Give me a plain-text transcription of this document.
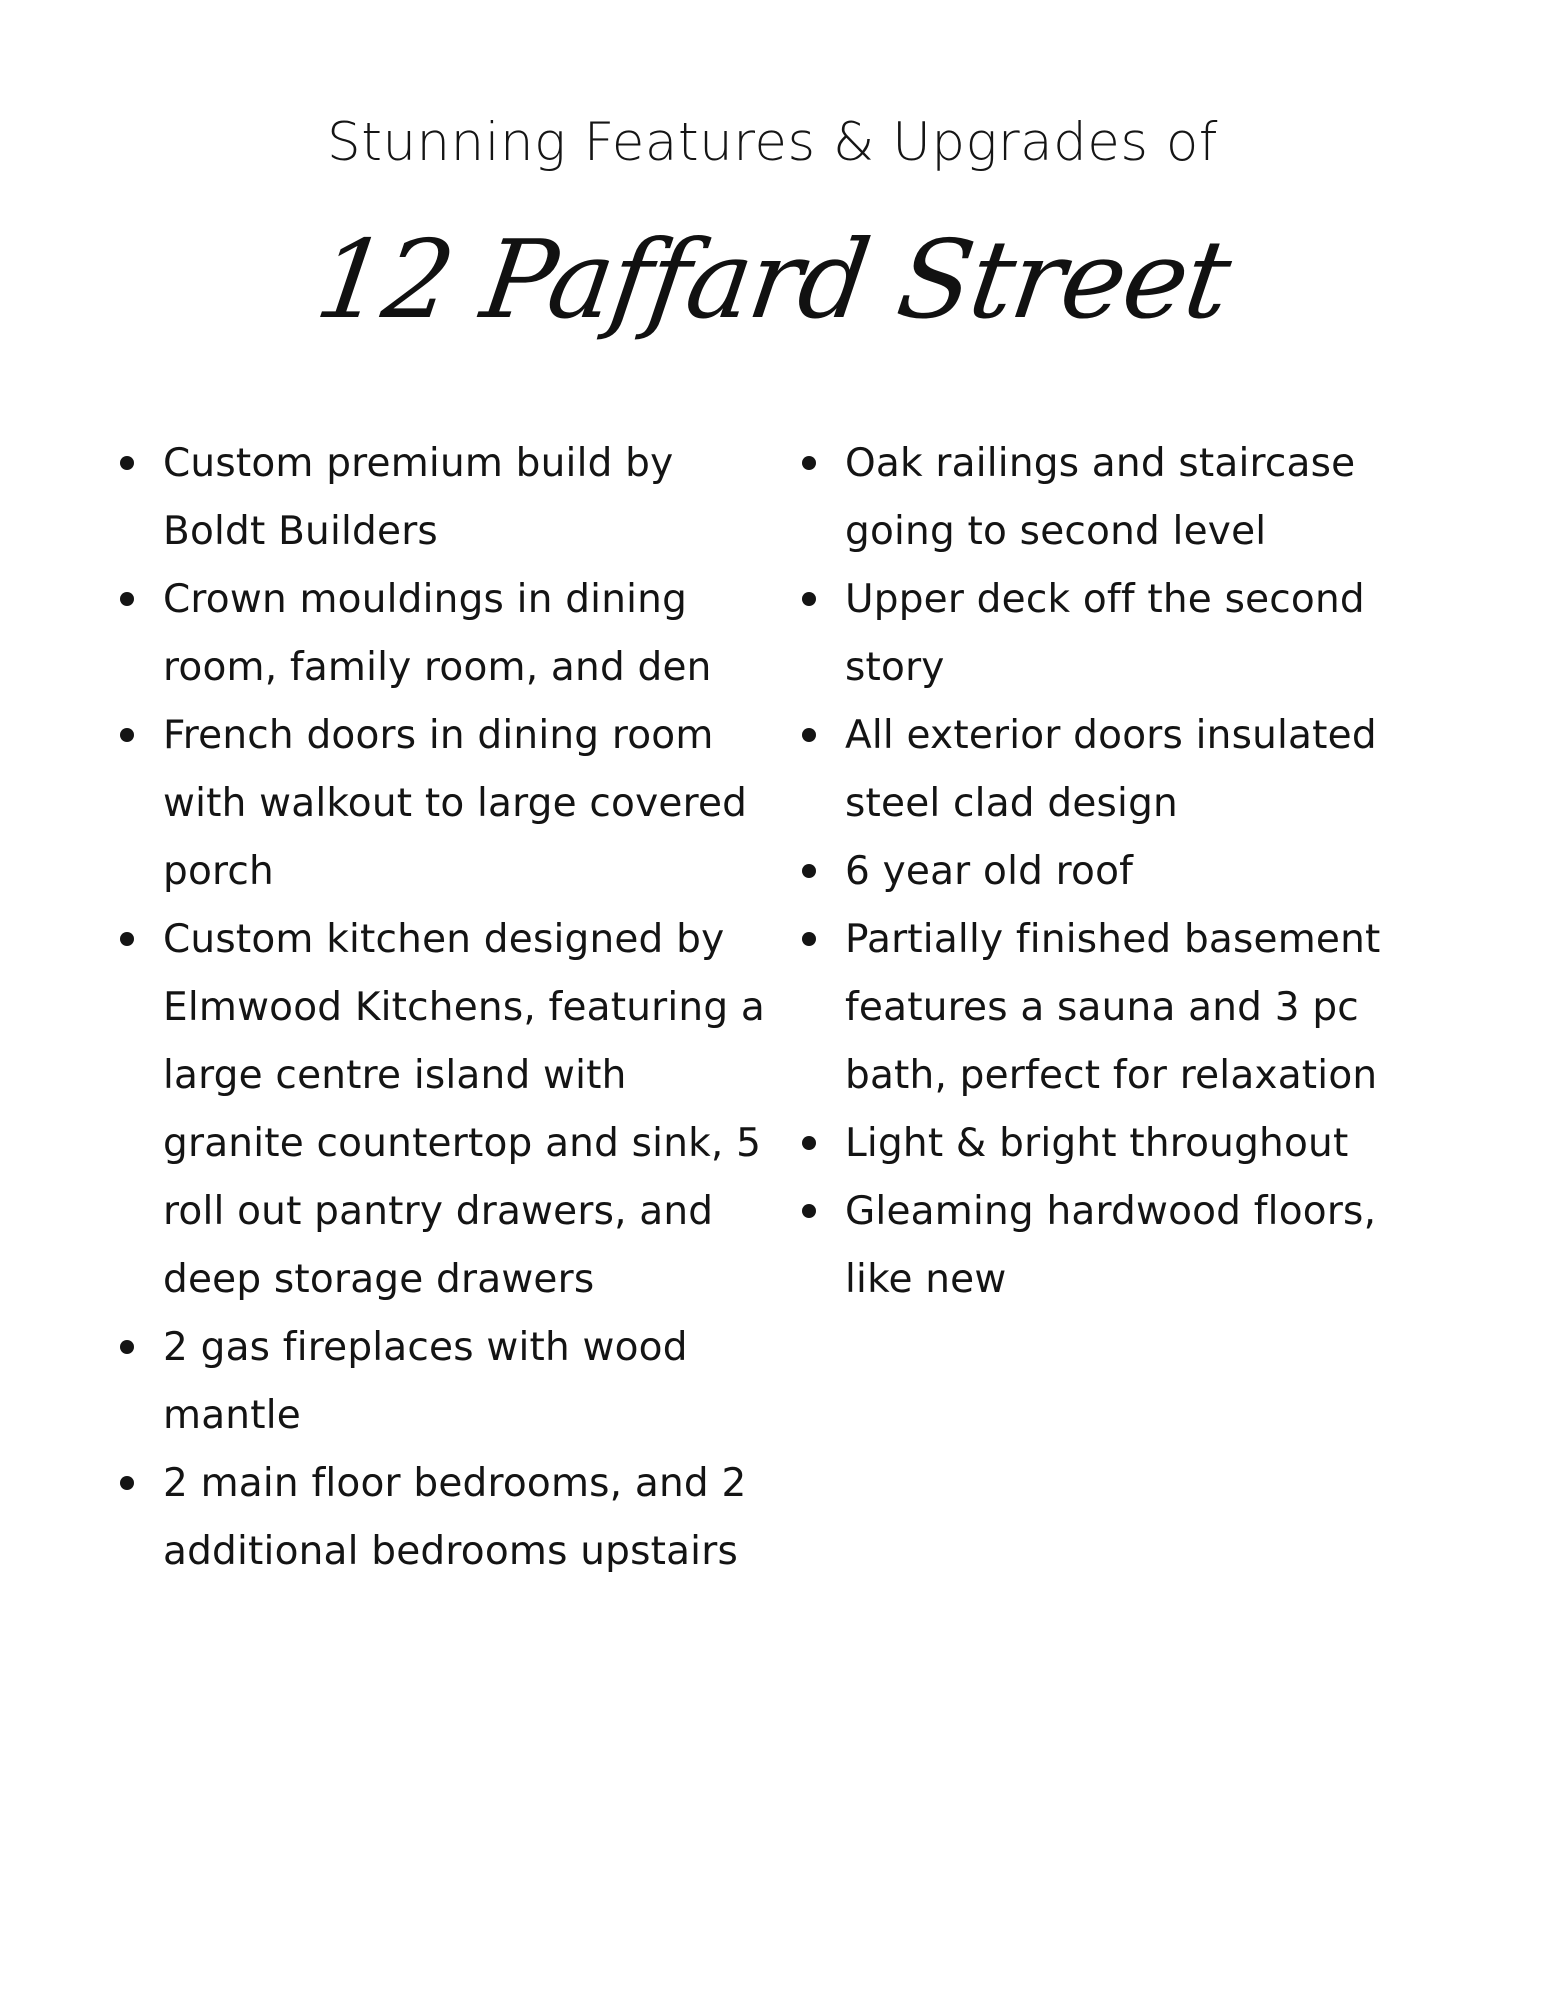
Stunning Features & Upgrades of
12 Paffard Street
Custom premium build by Boldt Builders
Crown mouldings in dining room, family room, and den
French doors in dining room with walkout to large covered porch
Custom kitchen designed by Elmwood Kitchens, featuring a large centre island with granite countertop and sink, 5 roll out pantry drawers, and deep storage drawers
2 gas fireplaces with wood mantle
2 main floor bedrooms, and 2 additional bedrooms upstairs
Oak railings and staircase going to second level
Upper deck off the second story
All exterior doors insulated steel clad design
6 year old roof
Partially finished basement features a sauna and 3 pc bath, perfect for relaxation
Light & bright throughout
Gleaming hardwood floors, like new
